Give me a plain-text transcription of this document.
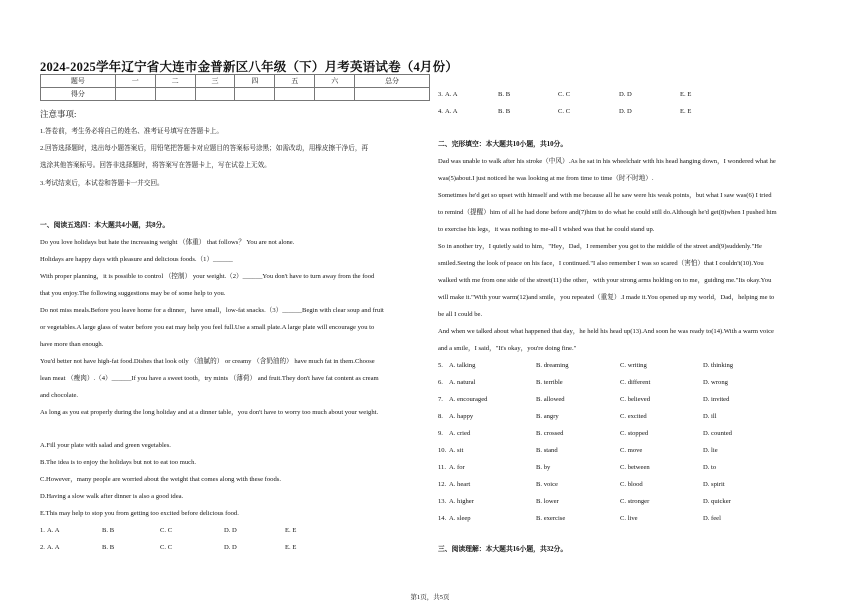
2024-2025学年辽宁省大连市金普新区八年级（下）月考英语试卷（4月份）
题号	一	二	三	四	五	六	总分
得分							
注意事项:
1.答卷前，考生务必将自己的姓名、准考证号填写在答题卡上。
2.回答选择题时，选出每小题答案后，用铅笔把答题卡对应题目的答案标号涂黑；如需改动，用橡皮擦干净后，再
选涂其他答案标号。回答非选择题时，将答案写在答题卡上，写在试卷上无效。
3.考试结束后，本试卷和答题卡一并交回。
一、阅读五选四：本大题共4小题，共8分。
Do you love holidays but hate the increasing weight （体重） that follows？ You are not alone.
Holidays are happy days with pleasure and delicious foods.（1）______
With proper planning，it is possible to control （控制） your weight.（2）______You don't have to turn away from the food
that you enjoy.The following suggestions may be of some help to you.
Do not miss meals.Before you leave home for a dinner，have small，low-fat snacks.（3）______Begin with clear soup and fruit
or vegetables.A large glass of water before you eat may help you feel full.Use a small plate.A large plate will encourage you to
have more than enough.
You'd better not have high-fat food.Dishes that look oily （油腻的） or creamy （含奶油的） have much fat in them.Choose
lean meat （瘦肉）.（4）______If you have a sweet tooth，try mints （薄荷） and fruit.They don't have fat content as cream
and chocolate.
As long as you eat properly during the long holiday and at a dinner table，you don't have to worry too much about your weight.
A.Fill your plate with salad and green vegetables.
B.The idea is to enjoy the holidays but not to eat too much.
C.However，many people are worried about the weight that comes along with these foods.
D.Having a slow walk after dinner is also a good idea.
E.This may help to stop you from getting too excited before delicious food.
1. A. A	B. B	C. C	D. D	E. E
2. A. A	B. B	C. C	D. D	E. E
3. A. A	B. B	C. C	D. D	E. E
4. A. A	B. B	C. C	D. D	E. E
二、完形填空：本大题共10小题，共10分。
Dad was unable to walk after his stroke（中风）.As he sat in his wheelchair with his head hanging down，I wondered what he
was(5)about.I just noticed he was looking at me from time to time（时不时地）.
Sometimes he'd get so upset with himself and with me because all he saw were his weak points，but what I saw was(6) I tried
to remind（提醒）him of all he had done before and(7)him to do what he could still do.Although he'd get(8)when I pushed him
to exercise his legs，it was nothing to me-all I wished was that he could stand up.
So in another try，I quietly said to him，"Hey，Dad，I remember you got to the middle of the street and(9)suddenly."He
smiled.Seeing the look of peace on his face，I continued."I also remember I was so scared（害怕）that I couldn't(10).You
walked with me from one side of the street(11) the other，with your strong arms holding on to me，guiding me."Its okay.You
will make it."With your warm(12)and smile，you repeated（重复）.I made it.You opened up my world，Dad，helping me to
be all I could be.
And when we talked about what happened that day，he held his head up(13).And soon he was ready to(14).With a warm voice
and a smile，I said，"It's okay，you're doing fine."
5. A. talking	B. dreaming	C. writing	D. thinking
6. A. natural	B. terrible	C. different	D. wrong
7. A. encouraged	B. allowed	C. believed	D. invited
8. A. happy	B. angry	C. excited	D. ill
9. A. cried	B. crossed	C. stopped	D. counted
10. A. sit	B. stand	C. move	D. lie
11. A. for	B. by	C. between	D. to
12. A. heart	B. voice	C. blood	D. spirit
13. A. higher	B. lower	C. stronger	D. quicker
14. A. sleep	B. exercise	C. live	D. feel
三、阅读理解：本大题共16小题，共32分。
第1页，共5页
